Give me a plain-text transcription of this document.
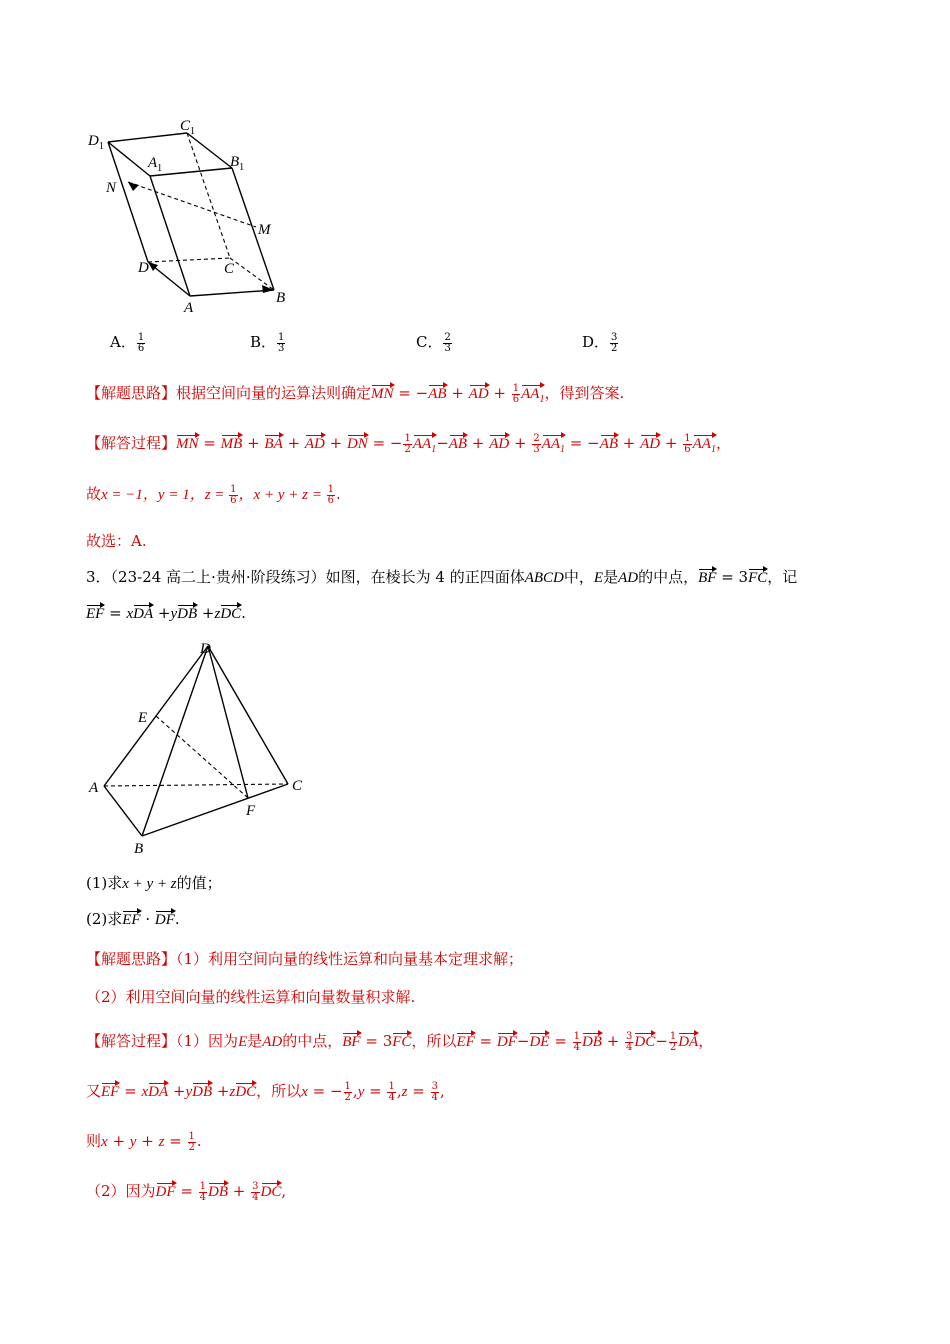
$D_1$
$C_1$
$A_1$	$B_1$
N
M
D	C
A
B
A． $\frac{1}{6}$	B． $\frac{1}{3}$	C． $\frac{2}{3}$	D． $\frac{3}{2}$
【解题思路】根据空间向量的运算法则确定MN = −AB + AD + $\frac{1}{6} AA_1$，得到答案.
【解答过程】MN = MB + BA + AD + DN = − $\frac{1}{2} AA_1-AB$ + AD + $\frac{2}{3} AA_1 = -AB$ + AD + $\frac{1}{6} AA_1$，
故x = −1，y = 1，$z = \frac{1}{6}$ ，$x + y + z = \frac{1}{6}$ .
故选：A.
3．（23-24 高二上·贵州·阶段练习）如图，在棱长为 4 的正四面体ABCD中，E是AD的中点，BF = 3FC，记
EF = xDA +yDB +zDC.
D
E
A	C
F
B
(1)求x + y + z的值；
(2)求EF · DF.
【解题思路】（1）利用空间向量的线性运算和向量基本定理求解；
（2）利用空间向量的线性运算和向量数量积求解.
【解答过程】（1）因为E是AD的中点，BF = 3FC，所以EF = $DF-DE = \frac{1}{4}$ DB + $\frac{3}{4} DC- \frac{1}{2}$ DA，
又EF = xDA +yDB +zDC，所以x = − $\frac{1}{2} ,y = \frac{1}{4} ,z = \frac{3}{4}$ ,
则$x + y + z = \frac{1}{2}$ .
（2）因为DF = $\frac{1}{4}$ DB + $\frac{3}{4}$ DC,
